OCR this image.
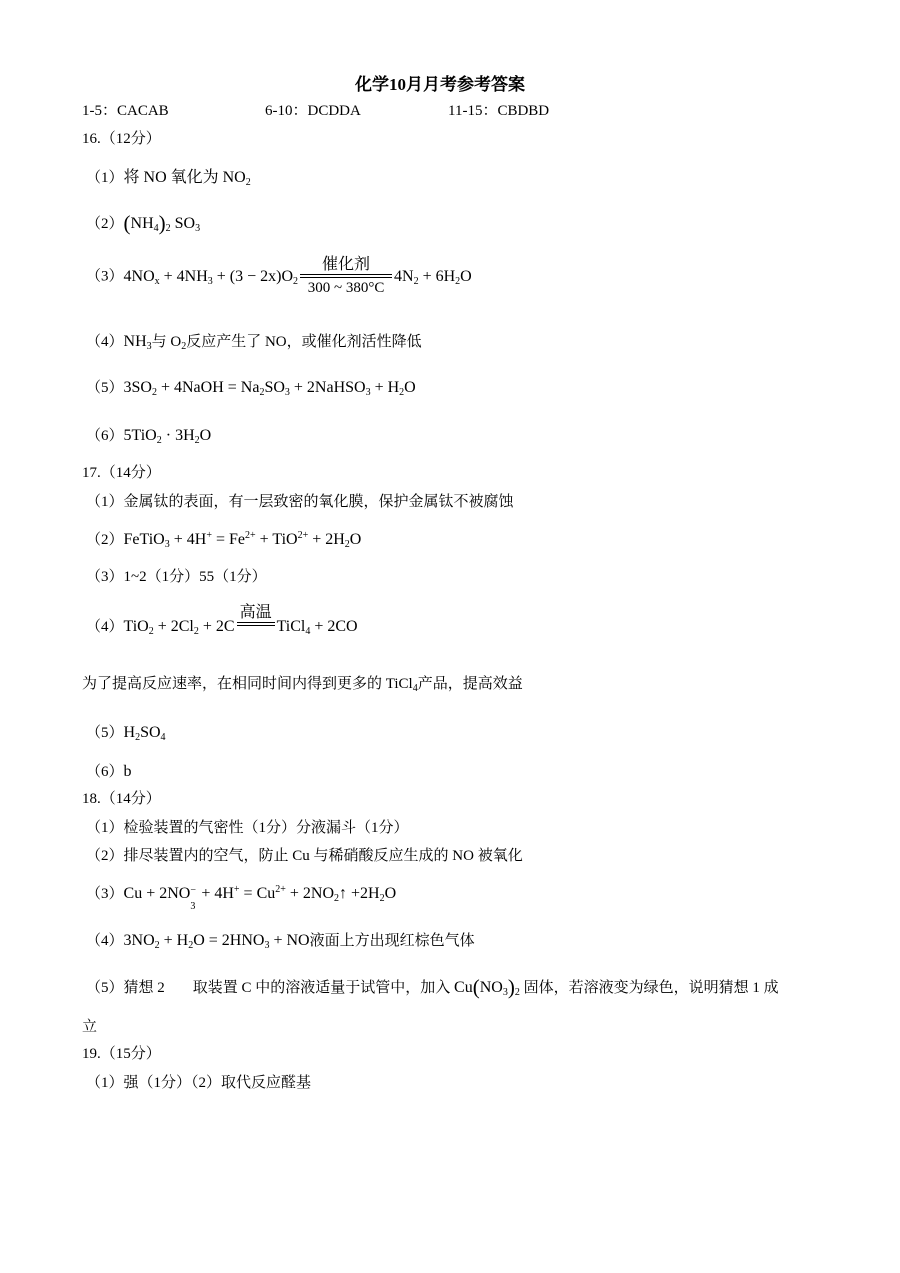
化学10月月考参考答案
1-5：CACAB	6-10：DCDDA	11-15：CBDBD
16.（12分）
（1）将 NO 氧化为 $NO_2$
$(2)(NH_4)_2$ $SO_3$
$(3)4NO_x + 4NH_3 + (3 - 2x)O_2$
催化剂
300 ~ 380°C
$4N_2 + 6H_2O$
$(4)NH_3$与 $O_2$反应产生了 NO，或催化剂活性降低
$(5)3SO_2$ + 4NaOH = $Na_2SO_3$ + 2NaHSO$_3$ + $H_2O$
$(6)5TiO_2 \cdot 3H_2O$
17.（14分）
（1）金属钛的表面，有一层致密的氧化膜，保护金属钛不被腐蚀
（2）FeTiO$_3$ + $4H^+ = Fe^{2+} + TiO^{2+} + 2H_2O$
（3）1~2（1分）55（1分）
$(4)TiO_2 + 2Cl_2 + 2C$
高温
TiCl$_4$ + 2CO
为了提高反应速率，在相同时间内得到更多的 TiCl$_4$产品，提高效益
$(5)H_2SO_4$
（6）b
18.（14分）
（1）检验装置的气密性（1分）分液漏斗（1分）
（2）排尽装置内的空气，防止 Cu 与稀硝酸反应生成的 NO 被氧化
（3）Cu + 2NO −
3
+ $4H^+ = Cu^{2+}$ + $2NO_2↑ +2H_2O$
$(4)3NO_2 + H_2O = 2HNO_3$ + NO液面上方出现红棕色气体
（5）猜想 2 取装置 C 中的溶液适量于试管中，加入 $Cu(NO_3)_2$ 固体，若溶液变为绿色，说明猜想 1 成
立
19.（15分）
（1）强（1分）（2）取代反应醛基
